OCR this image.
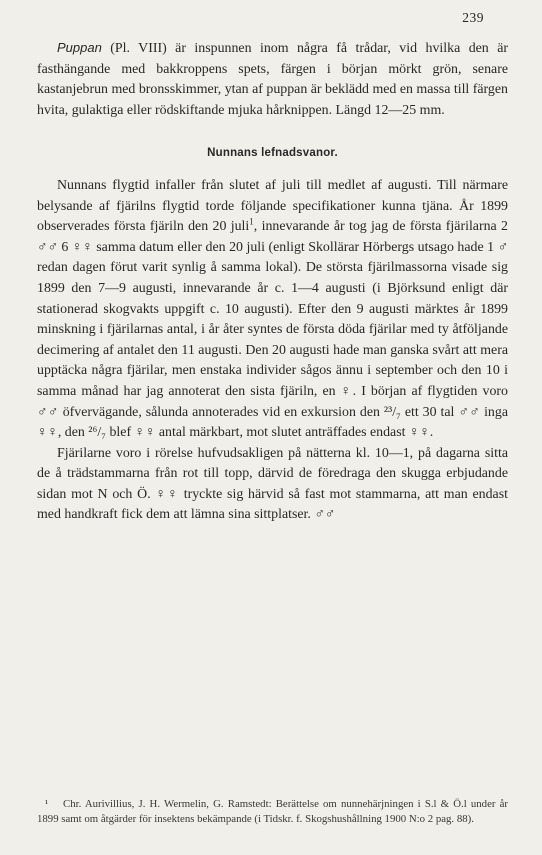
239

Puppan (Pl. VIII) är inspunnen inom några få trådar, vid hvilka den är fasthängande med bakkroppens spets, färgen i början mörkt grön, senare kastanjebrun med bronsskimmer, ytan af puppan är beklädd med en massa till färgen hvita, gulaktiga eller rödskiftande mjuka hårknippen. Längd 12—25 mm.

Nunnans lefnadsvanor.

Nunnans flygtid infaller från slutet af juli till medlet af augusti. Till närmare belysande af fjärilns flygtid torde följande specifikationer kunna tjäna. År 1899 observerades första fjäriln den 20 juli$^1$, innevarande år tog jag de första fjärilarna 2 ♂♂ 6 ♀♀ samma datum eller den 20 juli (enligt Skollärar Hörbergs utsago hade 1 ♂ redan dagen förut varit synlig å samma lokal). De största fjärilmassorna visade sig 1899 den 7—9 augusti, innevarande år c. 1—4 augusti (i Björksund enligt där stationerad skogvakts uppgift c. 10 augusti). Efter den 9 augusti märktes år 1899 minskning i fjärilarnas antal, i år åter syntes de första döda fjärilar med ty åtföljande decimering af antalet den 11 augusti. Den 20 augusti hade man ganska svårt att mera upptäcka några fjärilar, men enstaka individer sågos ännu i september och den 10 i samma månad har jag annoterat den sista fjäriln, en ♀. I början af flygtiden voro ♂♂ öfvervägande, sålunda annoterades vid en exkursion den ²³/₇ ett 30 tal ♂♂ inga ♀♀, den ²⁶/₇ blef ♀♀ antal märkbart, mot slutet anträffades endast ♀♀.

Fjärilarne voro i rörelse hufvudsakligen på nätterna kl. 10—1, på dagarna sitta de å trädstammarna från rot till topp, därvid de föredraga den skugga erbjudande sidan mot N och Ö. ♀♀ tryckte sig härvid så fast mot stammarna, att man endast med handkraft fick dem att lämna sina sittplatser. ♂♂

¹ Chr. Aurivillius, J. H. Wermelin, G. Ramstedt: Berättelse om nunnehärjningen i S.l & Ö.l under år 1899 samt om åtgärder för insektens bekämpande (i Tidskr. f. Skogshushållning 1900 N:o 2 pag. 88).
